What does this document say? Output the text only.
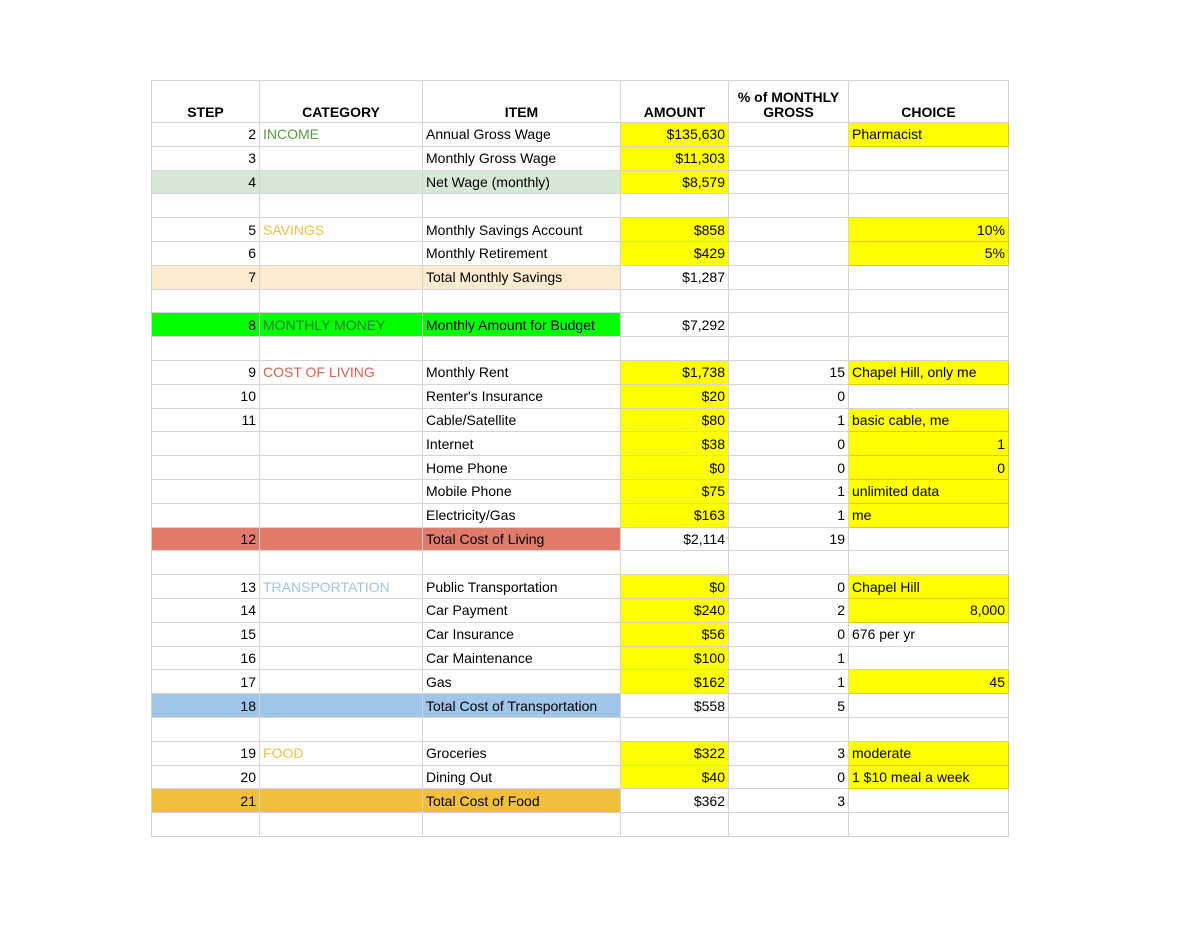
STEP	CATEGORY	ITEM	AMOUNT	% of MONTHLY
GROSS	CHOICE
2	INCOME	Annual Gross Wage	$135,630		Pharmacist
3		Monthly Gross Wage	$11,303		
4		Net Wage (monthly)	$8,579		

5	SAVINGS	Monthly Savings Account	$858		10%
6		Monthly Retirement	$429		5%
7		Total Monthly Savings	$1,287		

8	MONTHLY MONEY	Monthly Amount for Budget	$7,292		

9	COST OF LIVING	Monthly Rent	$1,738	15	Chapel Hill, only me
10		Renter's Insurance	$20	0	
11		Cable/Satellite	$80	1	basic cable, me
		Internet	$38	0	1
		Home Phone	$0	0	0
		Mobile Phone	$75	1	unlimited data
		Electricity/Gas	$163	1	me
12		Total Cost of Living	$2,114	19	

13	TRANSPORTATION	Public Transportation	$0	0	Chapel Hill
14		Car Payment	$240	2	8,000
15		Car Insurance	$56	0	676 per yr
16		Car Maintenance	$100	1	
17		Gas	$162	1	45
18		Total Cost of Transportation	$558	5	

19	FOOD	Groceries	$322	3	moderate
20		Dining Out	$40	0	1 $10 meal a week
21		Total Cost of Food	$362	3	
